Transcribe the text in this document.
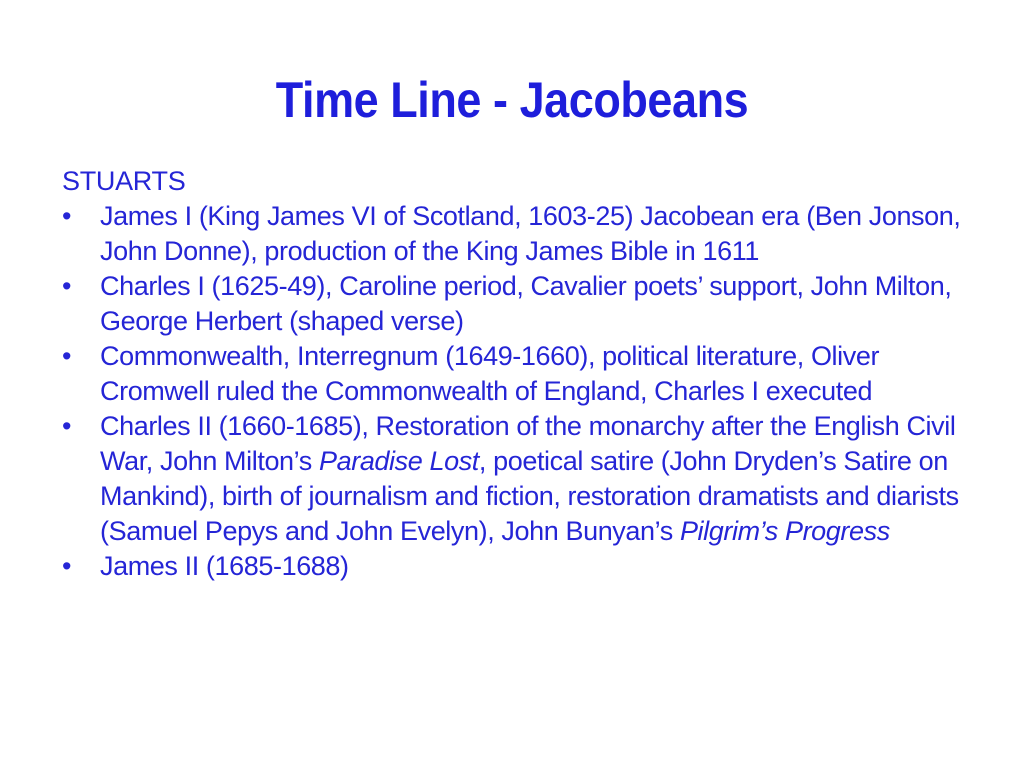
Time Line - Jacobeans
STUARTS
•	James I (King James VI of Scotland, 1603-25) Jacobean era (Ben Jonson, John Donne), production of the King James Bible in 1611
•	Charles I (1625-49), Caroline period, Cavalier poets’ support, John Milton, George Herbert (shaped verse)
•	Commonwealth, Interregnum (1649-1660), political literature, Oliver Cromwell ruled the Commonwealth of England, Charles I executed
•	Charles II (1660-1685), Restoration of the monarchy after the English Civil War, John Milton’s Paradise Lost, poetical satire (John Dryden’s Satire on Mankind), birth of journalism and fiction, restoration dramatists and diarists (Samuel Pepys and John Evelyn), John Bunyan’s Pilgrim’s Progress
•	James II (1685-1688)
